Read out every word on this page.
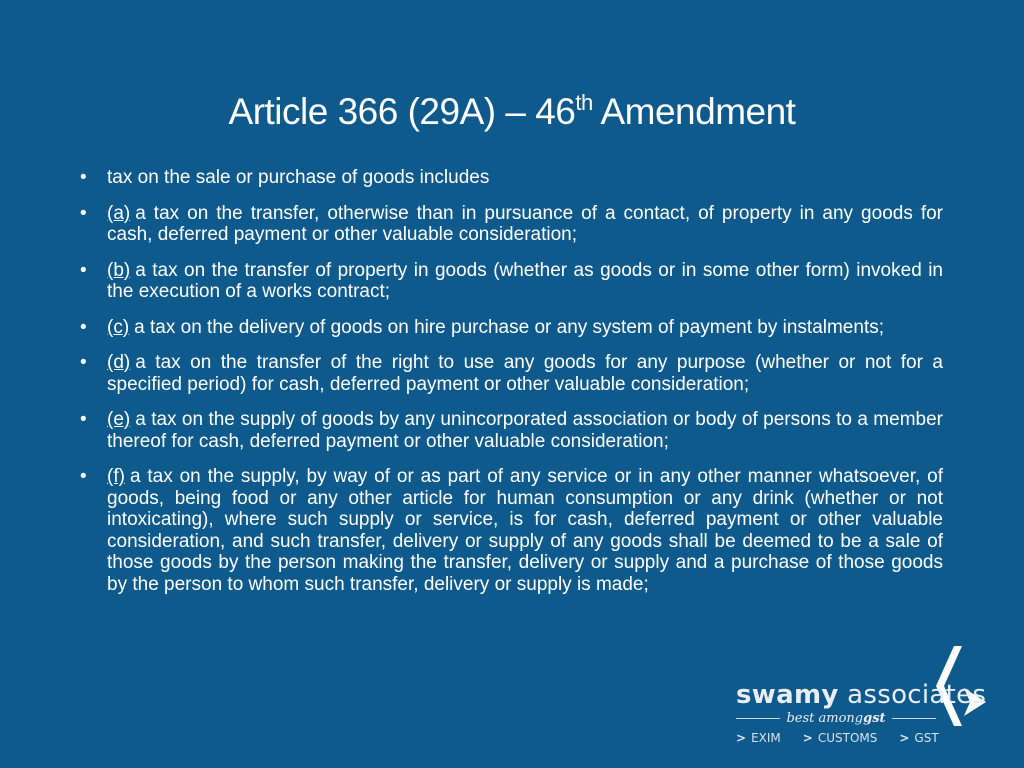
Article 366 (29A) – 46th Amendment
•	tax on the sale or purchase of goods includes
•	(a) a tax on the transfer, otherwise than in pursuance of a contact, of property in any goods for cash, deferred payment or other valuable consideration;
•	(b) a tax on the transfer of property in goods (whether as goods or in some other form) invoked in the execution of a works contract;
•	(c) a tax on the delivery of goods on hire purchase or any system of payment by instalments;
•	(d) a tax on the transfer of the right to use any goods for any purpose (whether or not for a specified period) for cash, deferred payment or other valuable consideration;
•	(e) a tax on the supply of goods by any unincorporated association or body of persons to a member thereof for cash, deferred payment or other valuable consideration;
•	(f) a tax on the supply, by way of or as part of any service or in any other manner whatsoever, of goods, being food or any other article for human consumption or any drink (whether or not intoxicating), where such supply or service, is for cash, deferred payment or other valuable consideration, and such transfer, delivery or supply of any goods shall be deemed to be a sale of those goods by the person making the transfer, delivery or supply and a purchase of those goods by the person to whom such transfer, delivery or supply is made;
swamy associates
best amonggst
> EXIM > CUSTOMS > GST
